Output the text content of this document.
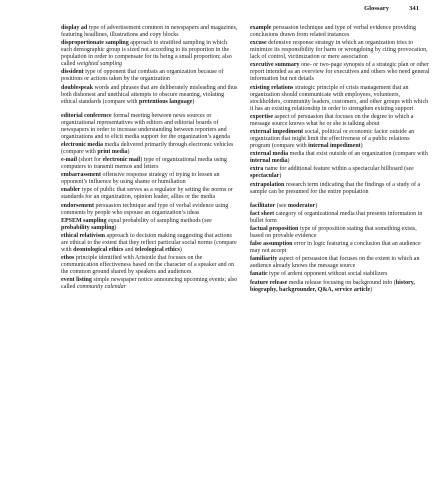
Glossary	341

display ad type of advertisement common in newspapers and magazines, featuring headlines, illustrations and copy blocks

disproportionate sampling approach to stratified sampling in which each demographic group is sized not according to its proportion in the population in order to compensate for its being a small proportion; also called weighted sampling

dissident type of opponent that combats an organization because of positions or actions taken by the organization

doublespeak words and phrases that are deliberately misleading and thus both dishonest and unethical attempts to obscure meaning, violating ethical standards (compare with pretentious language)

editorial conference formal meeting between news sources or organizational representatives with editors and editorial boards of newspapers in order to increase understanding between reporters and organizations and to elicit media support for the organization’s agenda

electronic media media delivered primarily through electronic vehicles (compare with print media)

e-mail (short for electronic mail) type of organizational media using computers to transmit memos and letters

embarrassment offensive response strategy of trying to lessen an opponent’s influence by using shame or humiliation

enabler type of public that serves as a regulator by setting the norms or standards for an organization, opinion leader, allies or the media

endorsement persuasion technique and type of verbal evidence using comments by people who espouse an organization’s ideas

EPSEM sampling equal probability of sampling methods (see probability sampling)

ethical relativism approach to decision making suggesting that actions are ethical to the extent that they reflect particular social norms (compare with deontological ethics and teleological ethics)

ethos principle identified with Aristotle that focuses on the communication effectiveness based on the character of a speaker and on the common ground shared by speakers and audiences

event listing simple newspaper notice announcing upcoming events; also called community calendar

example persuasion technique and type of verbal evidence providing conclusions drawn from related instances

excuse defensive response strategy in which an organization tries to minimize its responsibility for harm or wrongdoing by citing provocation, lack of control, victimization or mere association

executive summary one- or two-page synopsis of a strategic plan or other report intended as an overview for executives and others who need general information but not details

existing relations strategic principle of crisis management that an organization should communicate with employees, volunteers, stockholders, community leaders, customers, and other groups with which it has an existing relationship in order to strengthen existing support

expertise aspect of persuasion that focuses on the degree to which a message source knows what he or she is talking about

external impediment social, political or economic factor outside an organization that might limit the effectiveness of a public relations program (compare with internal impediment)

external media media that exist outside of an organization (compare with internal media)

extra name for additional feature within a spectacular billboard (see spectacular)

extrapolation research term indicating that the findings of a study of a sample can be presumed for the entire population

facilitator (see moderator)

fact sheet category of organizational media that presents information in bullet form

factual proposition type of proposition stating that something exists, based on provable evidence

false assumption error in logic featuring a conclusion that an audience may not accept

familiarity aspect of persuasion that focuses on the extent to which an audience already knows the message source

fanatic type of ardent opponent without social stabilizers

feature release media release focusing on background info (history, biography, backgrounder, Q&A, service article)
